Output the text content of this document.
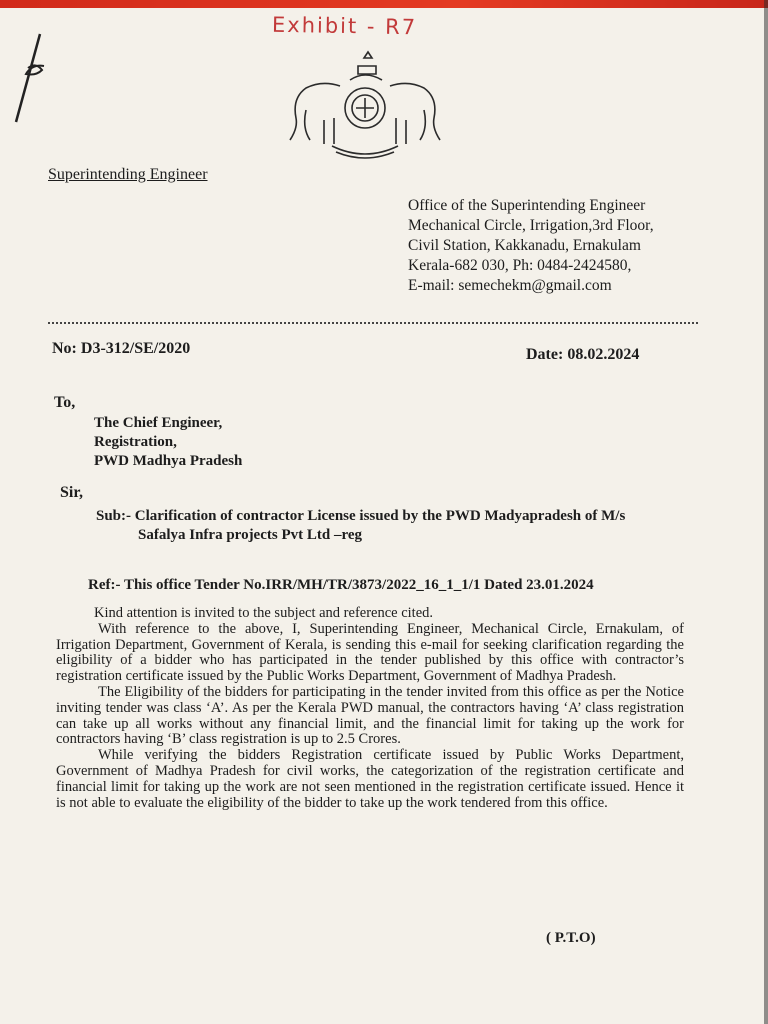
Exhibit - R7
Superintending Engineer
Office of the Superintending Engineer
Mechanical Circle, Irrigation,3rd Floor,
Civil Station, Kakkanadu, Ernakulam
Kerala-682 030, Ph: 0484-2424580,
E-mail: semechekm@gmail.com
No: D3-312/SE/2020	Date: 08.02.2024
To,
The Chief Engineer,
Registration,
PWD Madhya Pradesh
Sir,
Sub:- Clarification of contractor License issued by the PWD Madyapradesh of M/s
Safalya Infra projects Pvt Ltd –reg
Ref:- This office Tender No.IRR/MH/TR/3873/2022_16_1_1/1 Dated 23.01.2024

Kind attention is invited to the subject and reference cited.

With reference to the above, I, Superintending Engineer, Mechanical Circle, Ernakulam, of Irrigation Department, Government of Kerala, is sending this e-mail for seeking clarification regarding the eligibility of a bidder who has participated in the tender published by this office with contractor’s registration certificate issued by the Public Works Department, Government of Madhya Pradesh.

The Eligibility of the bidders for participating in the tender invited from this office as per the Notice inviting tender was class ‘A’. As per the Kerala PWD manual, the contractors having ‘A’ class registration can take up all works without any financial limit, and the financial limit for taking up the work for contractors having ‘B’ class registration is up to 2.5 Crores.

While verifying the bidders Registration certificate issued by Public Works Department, Government of Madhya Pradesh for civil works, the categorization of the registration certificate and financial limit for taking up the work are not seen mentioned in the registration certificate issued. Hence it is not able to evaluate the eligibility of the bidder to take up the work tendered from this office.

( P.T.O)
